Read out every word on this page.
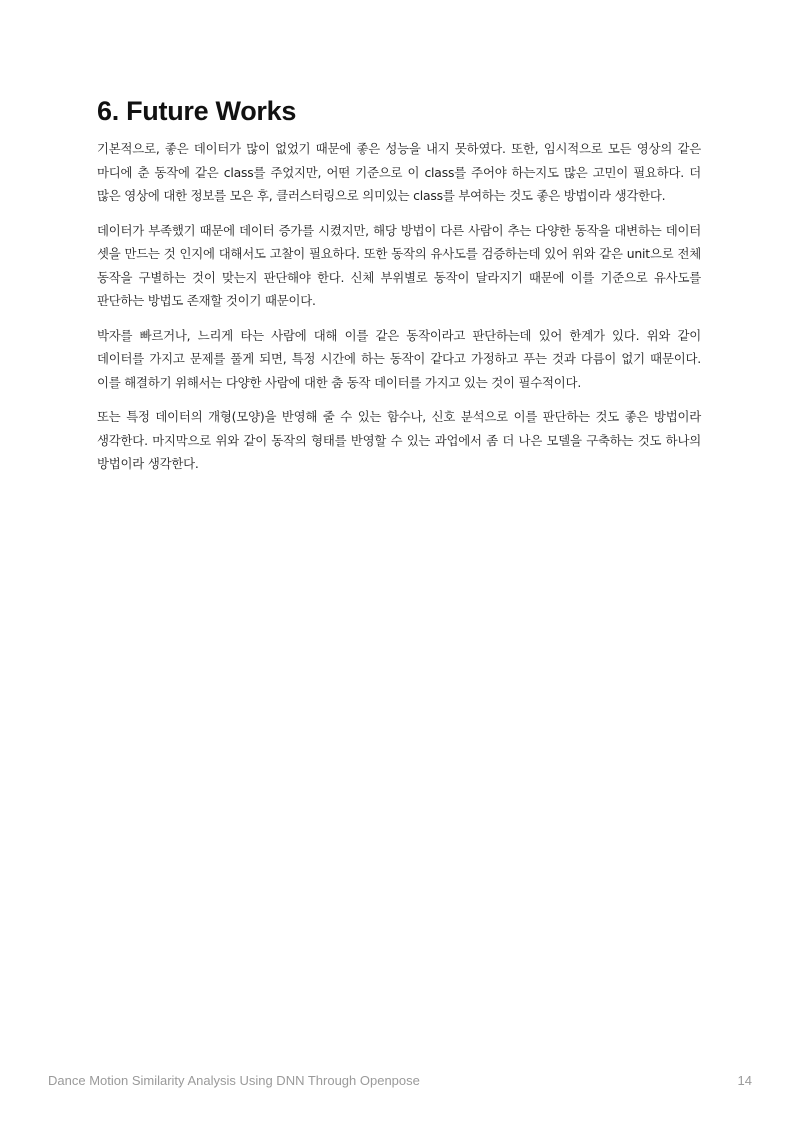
6. Future Works

기본적으로, 좋은 데이터가 많이 없었기 때문에 좋은 성능을 내지 못하였다. 또한, 임시적으로 모든 영상의 같은 마디에 춘 동작에 같은 class를 주었지만, 어떤 기준으로 이 class를 주어야 하는지도 많은 고민이 필요하다. 더 많은 영상에 대한 정보를 모은 후, 클러스터링으로 의미있는 class를 부여하는 것도 좋은 방법이라 생각한다.

데이터가 부족했기 때문에 데이터 증가를 시켰지만, 해당 방법이 다른 사람이 추는 다양한 동작을 대변하는 데이터 셋을 만드는 것 인지에 대해서도 고찰이 필요하다. 또한 동작의 유사도를 검증하는데 있어 위와 같은 unit으로 전체 동작을 구별하는 것이 맞는지 판단해야 한다. 신체 부위별로 동작이 달라지기 때문에 이를 기준으로 유사도를 판단하는 방법도 존재할 것이기 때문이다.

박자를 빠르거나, 느리게 타는 사람에 대해 이를 같은 동작이라고 판단하는데 있어 한계가 있다. 위와 같이 데이터를 가지고 문제를 풀게 되면, 특정 시간에 하는 동작이 같다고 가정하고 푸는 것과 다름이 없기 때문이다. 이를 해결하기 위해서는 다양한 사람에 대한 춤 동작 데이터를 가지고 있는 것이 필수적이다.

또는 특정 데이터의 개형(모양)을 반영해 줄 수 있는 함수나, 신호 분석으로 이를 판단하는 것도 좋은 방법이라 생각한다. 마지막으로 위와 같이 동작의 형태를 반영할 수 있는 과업에서 좀 더 나은 모델을 구축하는 것도 하나의 방법이라 생각한다.

Dance Motion Similarity Analysis Using DNN Through Openpose	14
